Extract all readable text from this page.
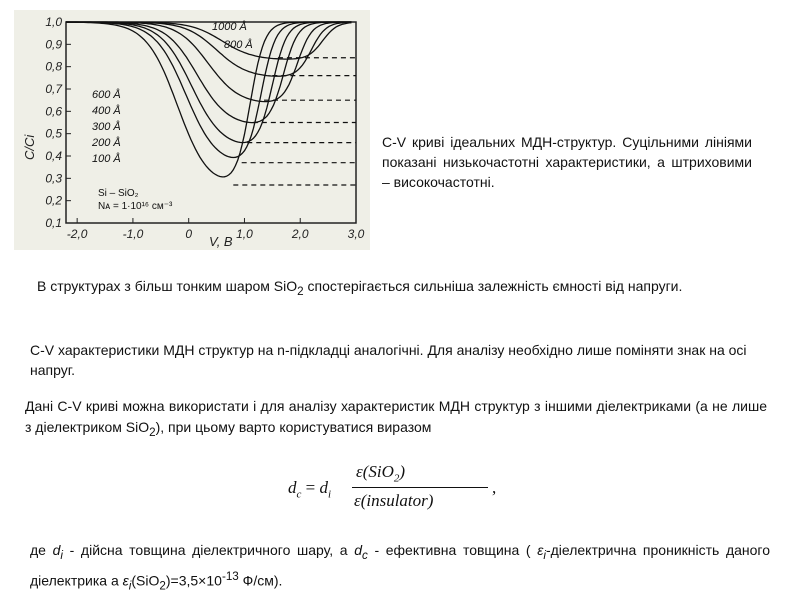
0,1
0,2
0,3
0,4
0,5
0,6
0,7
0,8
0,9
1,0
-2,0	-1,0	0	1,0	2,0	3,0
V, В
C/Ci
1000 Å
800 Å
600 Å
400 Å
300 Å
200 Å
100 Å
Si – SiO₂
Nᴀ = 1·10¹⁶ см⁻³
C-V криві ідеальних МДН-структур. Суцільними лініями показані низькочастотні характеристики, а штриховими – високочастотні.
В структурах з більш тонким шаром SiO$_2$ спостерігається сильніша залежність ємності від напруги.
C-V характеристики МДН структур на n-підкладці аналогічні. Для аналізу необхідно лише поміняти знак на осі напруг.
Дані C-V криві можна використати і для аналізу характеристик МДН структур з іншими діелектриками (а не лише з діелектриком SiO$_2$), при цьому варто користуватися виразом
$d_c = d_i$
ε(SiO$_2$)
ε(insulator)
,
де $d_i$ - дійсна товщина діелектричного шару, а $d_c$ - ефективна товщина ( $\varepsilon_i$-діелектрична проникність даного діелектрика а $\varepsilon_i(SiO_2)=3,5\times 10^{-13}$ Ф/см).
